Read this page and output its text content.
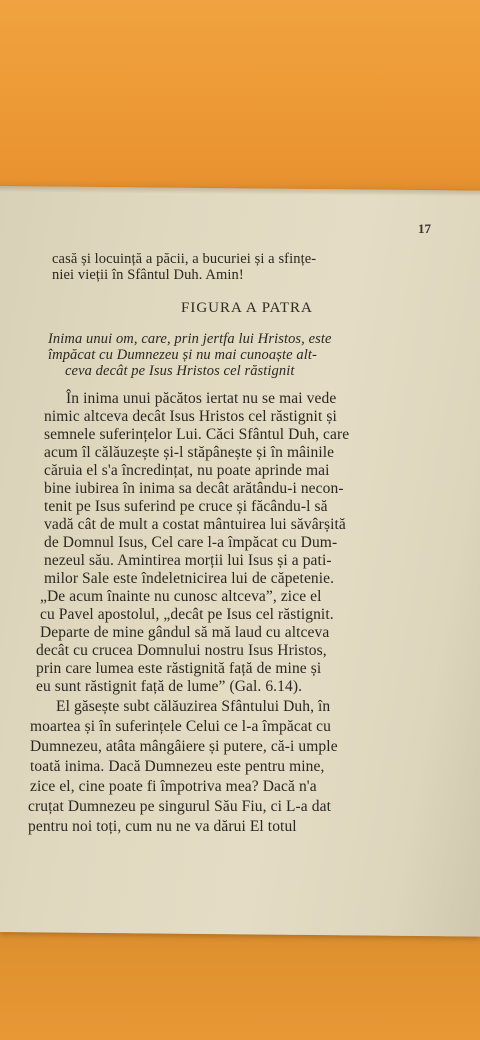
17
casă și locuință a păcii, a bucuriei și a sfințe-
niei vieții în Sfântul Duh. Amin!
FIGURA A PATRA
Inima unui om, care, prin jertfa lui Hristos, este
împăcat cu Dumnezeu și nu mai cunoaște alt-
ceva decât pe Isus Hristos cel răstignit
În inima unui păcătos iertat nu se mai vede
nimic altceva decât Isus Hristos cel răstignit și
semnele suferințelor Lui. Căci Sfântul Duh, care
acum îl călăuzește și-l stăpânește și în mâinile
căruia el s'a încredințat, nu poate aprinde mai
bine iubirea în inima sa decât arătându-i necon-
tenit pe Isus suferind pe cruce și făcându-l să
vadă cât de mult a costat mântuirea lui săvârșită
de Domnul Isus, Cel care l-a împăcat cu Dum-
nezeul său. Amintirea morții lui Isus și a pati-
milor Sale este îndeletnicirea lui de căpetenie.
„De acum înainte nu cunosc altceva”, zice el
cu Pavel apostolul, „decât pe Isus cel răstignit.
Departe de mine gândul să mă laud cu altceva
decât cu crucea Domnului nostru Isus Hristos,
prin care lumea este răstignită față de mine și
eu sunt răstignit față de lume” (Gal. 6.14).
El găsește subt călăuzirea Sfântului Duh, în
moartea și în suferințele Celui ce l-a împăcat cu
Dumnezeu, atâta mângâiere și putere, că-i umple
toată inima. Dacă Dumnezeu este pentru mine,
zice el, cine poate fi împotriva mea? Dacă n'a
cruțat Dumnezeu pe singurul Său Fiu, ci L-a dat
pentru noi toți, cum nu ne va dărui El totul
